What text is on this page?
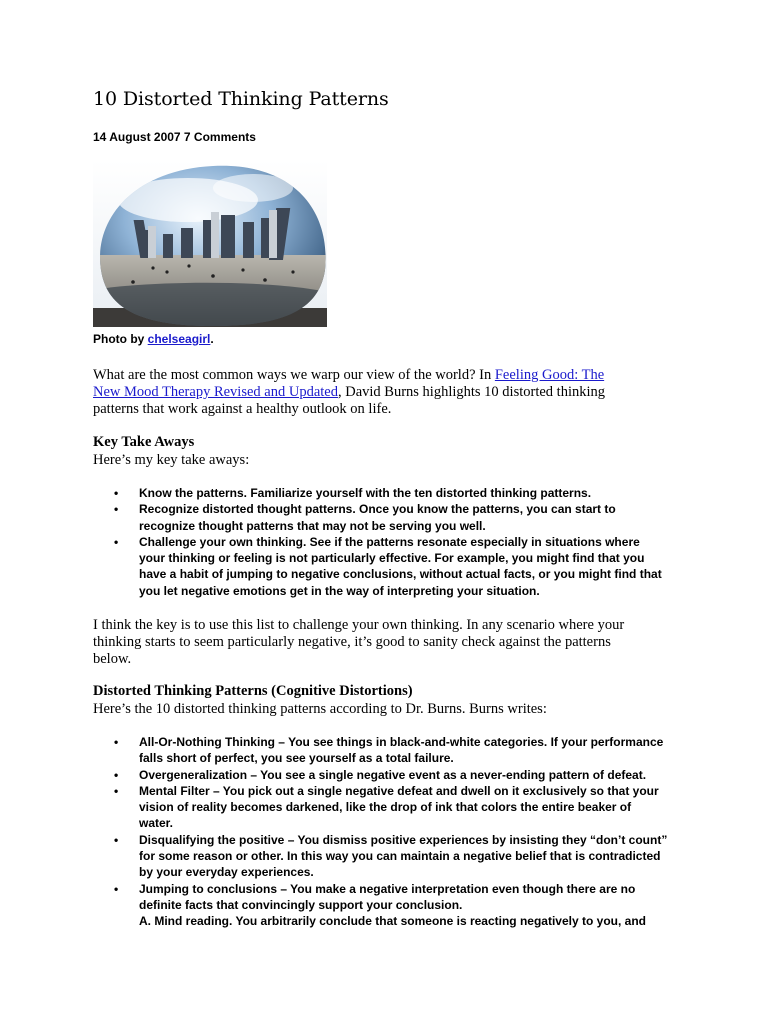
10 Distorted Thinking Patterns

14 August 2007 7 Comments

Photo by chelseagirl.

What are the most common ways we warp our view of the world? In Feeling Good: The
New Mood Therapy Revised and Updated, David Burns highlights 10 distorted thinking
patterns that work against a healthy outlook on life.

Key Take Aways

Here’s my key take aways:

• Know the patterns. Familiarize yourself with the ten distorted thinking patterns.
• Recognize distorted thought patterns. Once you know the patterns, you can start to
recognize thought patterns that may not be serving you well.
• Challenge your own thinking. See if the patterns resonate especially in situations where
your thinking or feeling is not particularly effective. For example, you might find that you
have a habit of jumping to negative conclusions, without actual facts, or you might find that
you let negative emotions get in the way of interpreting your situation.

I think the key is to use this list to challenge your own thinking. In any scenario where your
thinking starts to seem particularly negative, it’s good to sanity check against the patterns
below.

Distorted Thinking Patterns (Cognitive Distortions)

Here’s the 10 distorted thinking patterns according to Dr. Burns. Burns writes:

• All-Or-Nothing Thinking – You see things in black-and-white categories. If your performance
falls short of perfect, you see yourself as a total failure.
• Overgeneralization – You see a single negative event as a never-ending pattern of defeat.
• Mental Filter – You pick out a single negative defeat and dwell on it exclusively so that your
vision of reality becomes darkened, like the drop of ink that colors the entire beaker of
water.
• Disqualifying the positive – You dismiss positive experiences by insisting they “don’t count”
for some reason or other. In this way you can maintain a negative belief that is contradicted
by your everyday experiences.
• Jumping to conclusions – You make a negative interpretation even though there are no
definite facts that convincingly support your conclusion.
A. Mind reading. You arbitrarily conclude that someone is reacting negatively to you, and
